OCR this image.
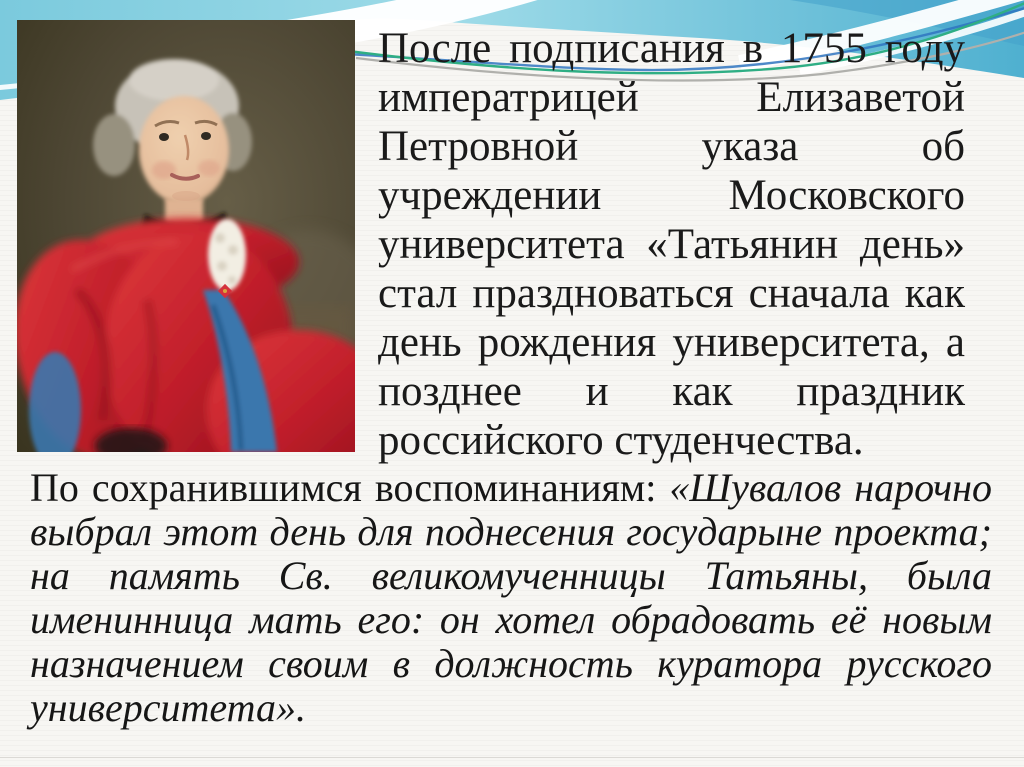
После подписания в 1755 году
императрицей Елизаветой
Петровной указа об
учреждении Московского
университета «Татьянин день»
стал праздноваться сначала как
день рождения университета, а
позднее и как праздник
российского студенчества.
По сохранившимся воспоминаниям: «Шувалов нарочно
выбрал этот день для поднесения государыне проекта;
на память Св. великомученницы Татьяны, была
именинница мать его: он хотел обрадовать её новым
назначением своим в должность куратора русского
университета».
